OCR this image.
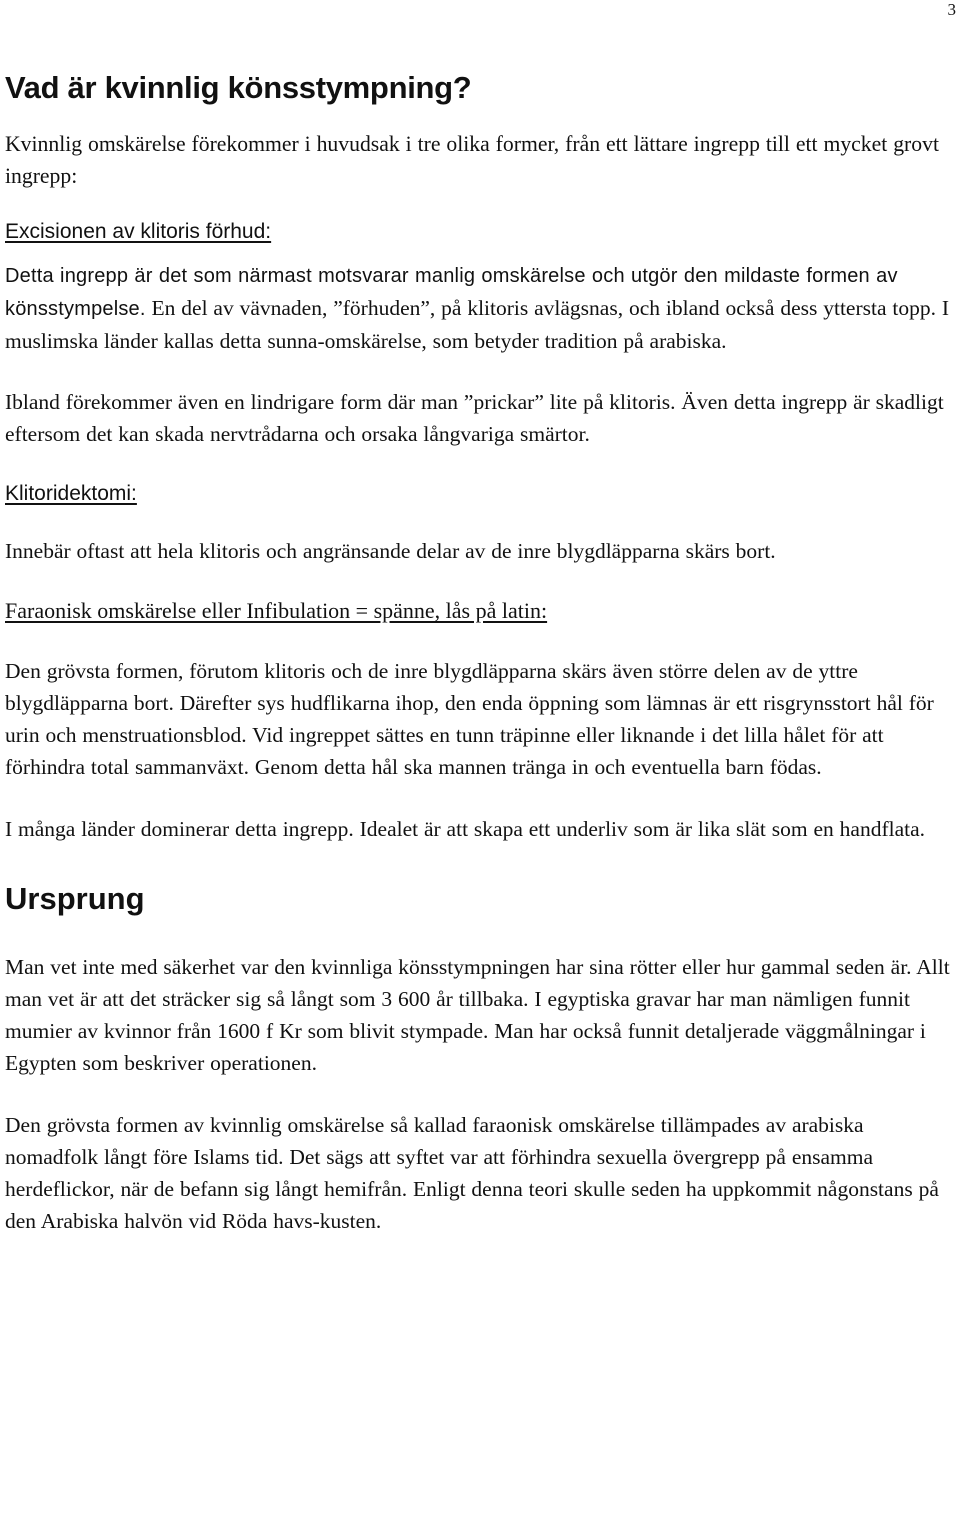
3
Vad är kvinnlig könsstympning?

Kvinnlig omskärelse förekommer i huvudsak i tre olika former, från ett lättare ingrepp till ett mycket grovt ingrepp:

Excisionen av klitoris förhud:

Detta ingrepp är det som närmast motsvarar manlig omskärelse och utgör den mildaste formen av könsstympelse. En del av vävnaden, ”förhuden”, på klitoris avlägsnas, och ibland också dess yttersta topp. I muslimska länder kallas detta sunna-omskärelse, som betyder tradition på arabiska.

Ibland förekommer även en lindrigare form där man ”prickar” lite på klitoris. Även detta ingrepp är skadligt eftersom det kan skada nervtrådarna och orsaka långvariga smärtor.

Klitoridektomi:

Innebär oftast att hela klitoris och angränsande delar av de inre blygdläpparna skärs bort.

Faraonisk omskärelse eller Infibulation = spänne, lås på latin:

Den grövsta formen, förutom klitoris och de inre blygdläpparna skärs även större delen av de yttre blygdläpparna bort. Därefter sys hudflikarna ihop, den enda öppning som lämnas är ett risgrynsstort hål för urin och menstruationsblod. Vid ingreppet sättes en tunn träpinne eller liknande i det lilla hålet för att förhindra total sammanväxt. Genom detta hål ska mannen tränga in och eventuella barn födas.

I många länder dominerar detta ingrepp. Idealet är att skapa ett underliv som är lika slät som en handflata.

Ursprung

Man vet inte med säkerhet var den kvinnliga könsstympningen har sina rötter eller hur gammal seden är. Allt man vet är att det sträcker sig så långt som 3 600 år tillbaka. I egyptiska gravar har man nämligen funnit mumier av kvinnor från 1600 f Kr som blivit stympade. Man har också funnit detaljerade väggmålningar i Egypten som beskriver operationen.

Den grövsta formen av kvinnlig omskärelse så kallad faraonisk omskärelse tillämpades av arabiska nomadfolk långt före Islams tid. Det sägs att syftet var att förhindra sexuella övergrepp på ensamma herdeflickor, när de befann sig långt hemifrån. Enligt denna teori skulle seden ha uppkommit någonstans på den Arabiska halvön vid Röda havs-kusten.
